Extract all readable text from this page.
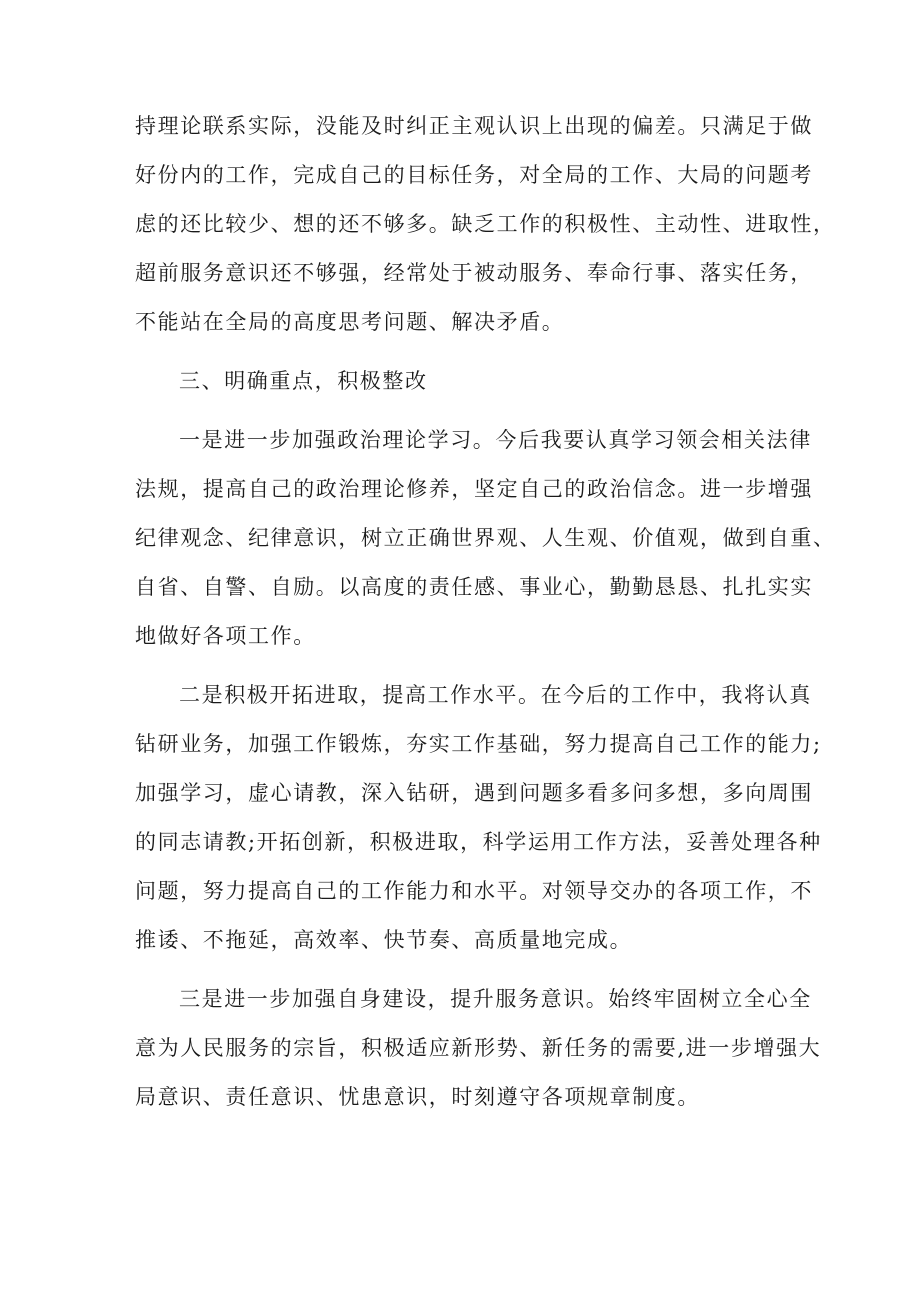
持理论联系实际，没能及时纠正主观认识上出现的偏差。只满足于做
好份内的工作，完成自己的目标任务，对全局的工作、大局的问题考
虑的还比较少、想的还不够多。缺乏工作的积极性、主动性、进取性，
超前服务意识还不够强，经常处于被动服务、奉命行事、落实任务，
不能站在全局的高度思考问题、解决矛盾。
三、明确重点，积极整改
一是进一步加强政治理论学习。今后我要认真学习领会相关法律
法规，提高自己的政治理论修养，坚定自己的政治信念。进一步增强
纪律观念、纪律意识，树立正确世界观、人生观、价值观，做到自重、
自省、自警、自励。以高度的责任感、事业心，勤勤恳恳、扎扎实实
地做好各项工作。
二是积极开拓进取，提高工作水平。在今后的工作中，我将认真
钻研业务，加强工作锻炼，夯实工作基础，努力提高自己工作的能力;
加强学习，虚心请教，深入钻研，遇到问题多看多问多想，多向周围
的同志请教;开拓创新，积极进取，科学运用工作方法，妥善处理各种
问题，努力提高自己的工作能力和水平。对领导交办的各项工作，不
推诿、不拖延，高效率、快节奏、高质量地完成。
三是进一步加强自身建设，提升服务意识。始终牢固树立全心全
意为人民服务的宗旨，积极适应新形势、新任务的需要,进一步增强大
局意识、责任意识、忧患意识，时刻遵守各项规章制度。
